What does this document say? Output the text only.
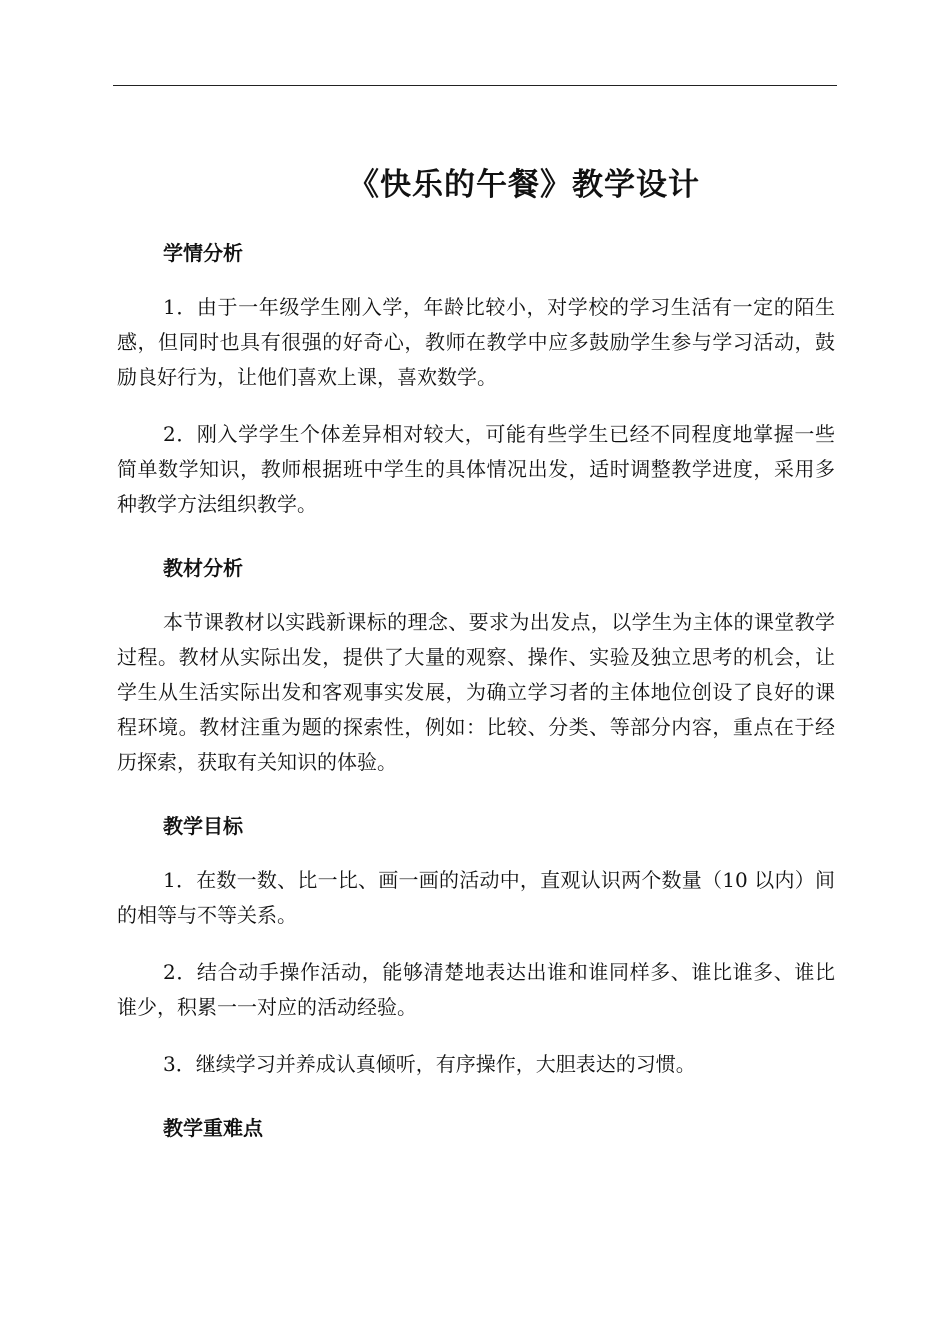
《快乐的午餐》教学设计
学情分析

1．由于一年级学生刚入学，年龄比较小，对学校的学习生活有一定的陌生感，但同时也具有很强的好奇心，教师在教学中应多鼓励学生参与学习活动，鼓励良好行为，让他们喜欢上课，喜欢数学。

2．刚入学学生个体差异相对较大，可能有些学生已经不同程度地掌握一些简单数学知识，教师根据班中学生的具体情况出发，适时调整教学进度，采用多种教学方法组织教学。

教材分析

本节课教材以实践新课标的理念、要求为出发点，以学生为主体的课堂教学过程。教材从实际出发，提供了大量的观察、操作、实验及独立思考的机会，让学生从生活实际出发和客观事实发展，为确立学习者的主体地位创设了良好的课程环境。教材注重为题的探索性，例如：比较、分类、等部分内容，重点在于经历探索，获取有关知识的体验。

教学目标

1．在数一数、比一比、画一画的活动中，直观认识两个数量（10 以内）间的相等与不等关系。

2．结合动手操作活动，能够清楚地表达出谁和谁同样多、谁比谁多、谁比谁少，积累一一对应的活动经验。

3．继续学习并养成认真倾听，有序操作，大胆表达的习惯。

教学重难点
